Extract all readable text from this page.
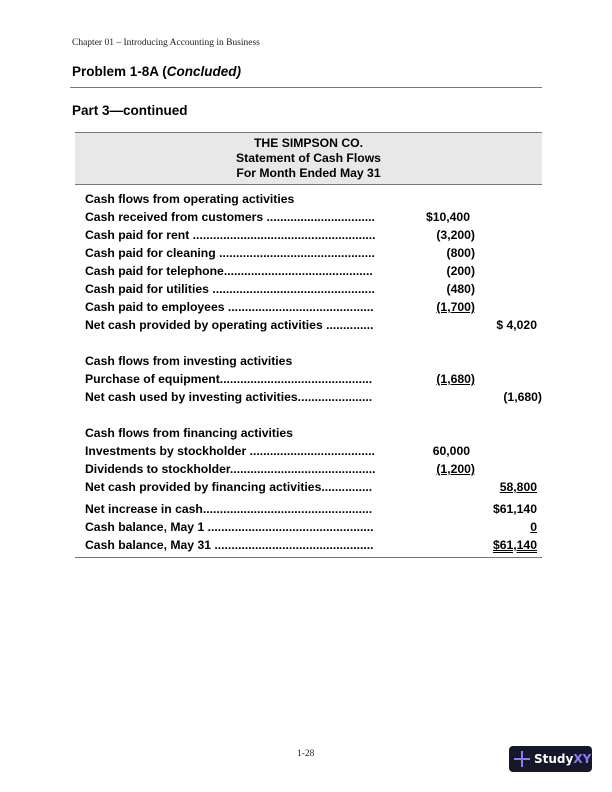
Chapter 01 – Introducing Accounting in Business
Problem 1-8A (Concluded)
Part 3—continued
THE SIMPSON CO.
Statement of Cash Flows
For Month Ended May 31
Cash flows from operating activities
Cash received from customers ................................	$10,400
Cash paid for rent ......................................................	(3,200)
Cash paid for cleaning ..............................................	(800)
Cash paid for telephone............................................	(200)
Cash paid for utilities ................................................	(480)
Cash paid to employees ...........................................	(1,700)
Net cash provided by operating activities ..............	$ 4,020
Cash flows from investing activities
Purchase of equipment.............................................	(1,680)
Net cash used by investing activities......................	(1,680)
Cash flows from financing activities
Investments by stockholder .....................................	60,000
Dividends to stockholder...........................................	(1,200)
Net cash provided by financing activities...............	58,800
Net increase in cash..................................................	$61,140
Cash balance, May 1 .................................................	0
Cash balance, May 31 ...............................................	$61,140
1-28	Study XY
